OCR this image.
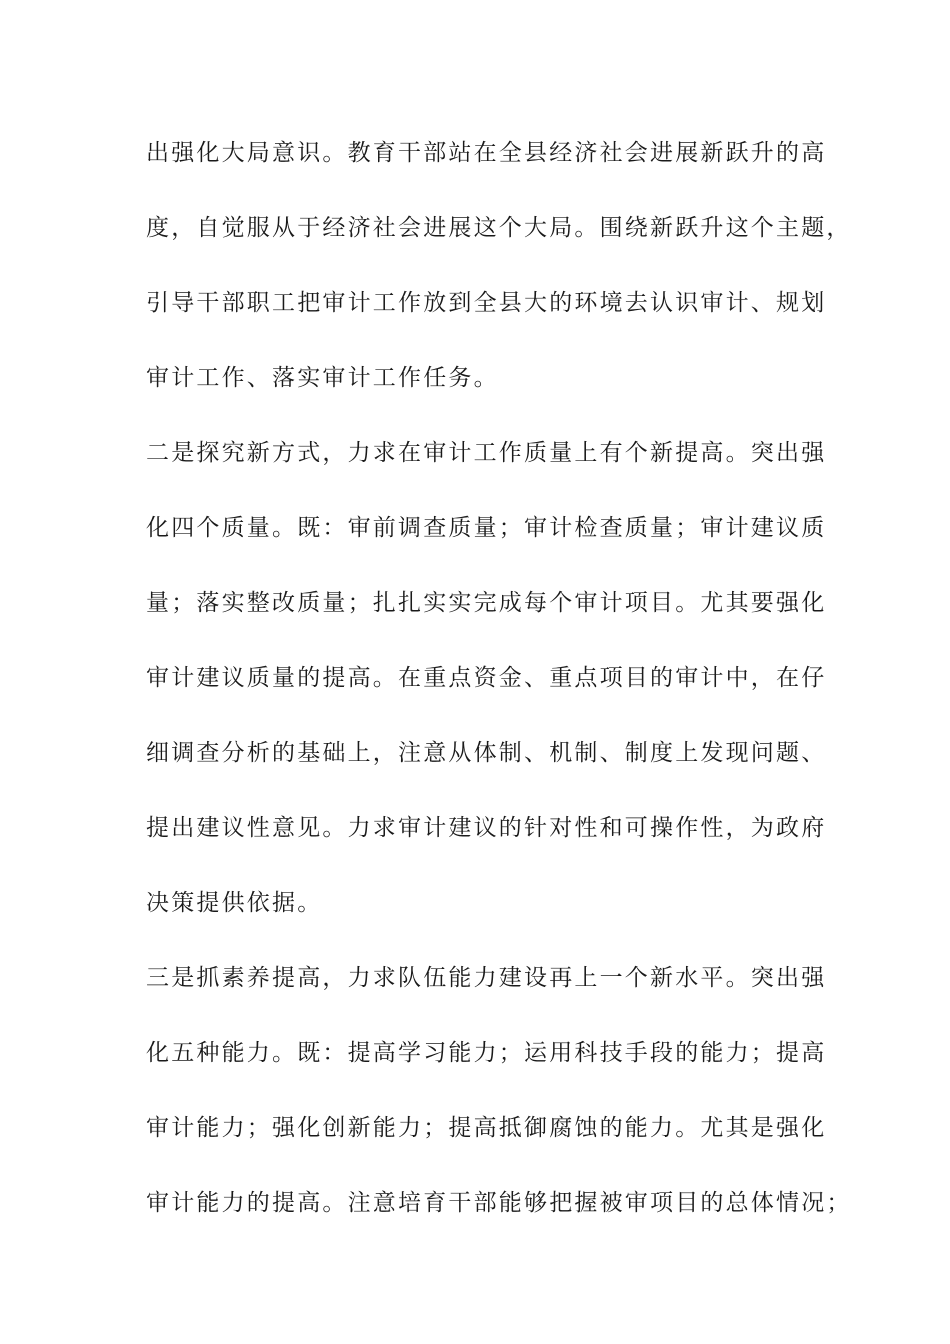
出强化大局意识。教育干部站在全县经济社会进展新跃升的高
度，自觉服从于经济社会进展这个大局。围绕新跃升这个主题，
引导干部职工把审计工作放到全县大的环境去认识审计、规划
审计工作、落实审计工作任务。
二是探究新方式，力求在审计工作质量上有个新提高。突出强
化四个质量。既：审前调查质量；审计检查质量；审计建议质
量；落实整改质量；扎扎实实完成每个审计项目。尤其要强化
审计建议质量的提高。在重点资金、重点项目的审计中，在仔
细调查分析的基础上，注意从体制、机制、制度上发现问题、
提出建议性意见。力求审计建议的针对性和可操作性，为政府
决策提供依据。
三是抓素养提高，力求队伍能力建设再上一个新水平。突出强
化五种能力。既：提高学习能力；运用科技手段的能力；提高
审计能力；强化创新能力；提高抵御腐蚀的能力。尤其是强化
审计能力的提高。注意培育干部能够把握被审项目的总体情况；
